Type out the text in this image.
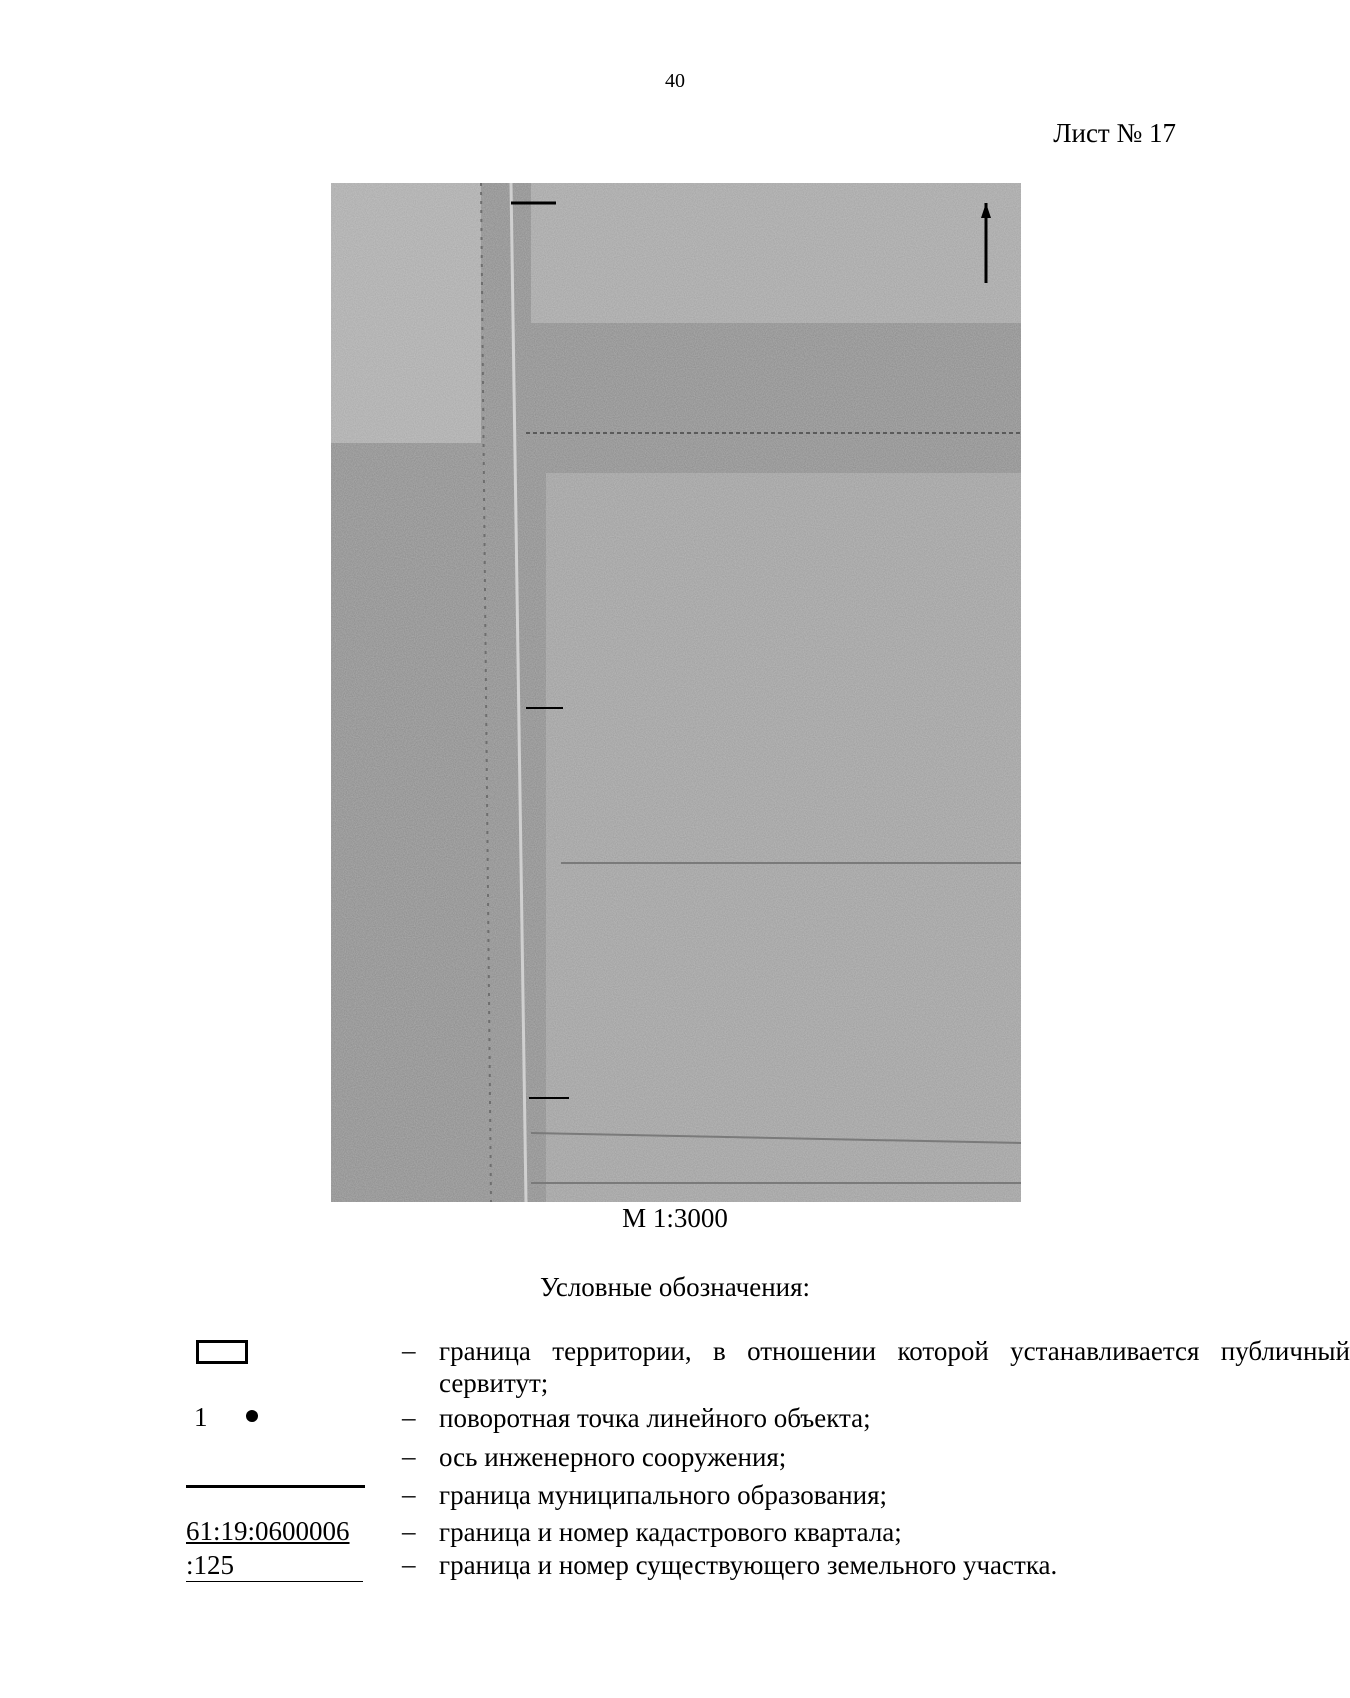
40
Лист № 17
М 1:3000
Условные обозначения:
– граница территории, в отношении которой устанавливается публичный сервитут;
1	– поворотная точка линейного объекта;
– ось инженерного сооружения;
– граница муниципального образования;
61:19:0600006 – граница и номер кадастрового квартала;
:125	– граница и номер существующего земельного участка.
